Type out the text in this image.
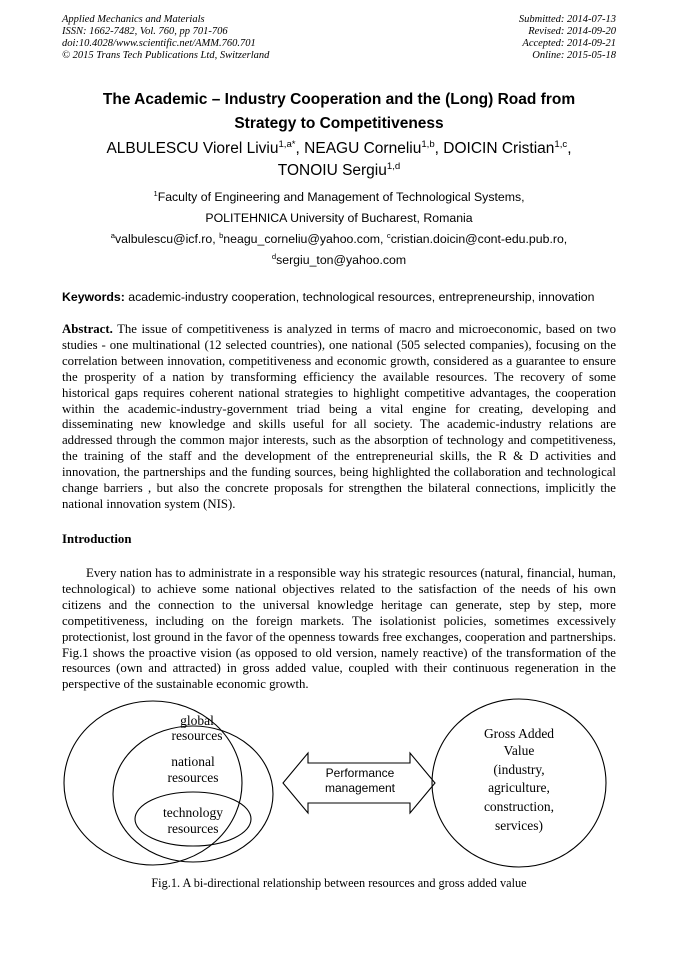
Applied Mechanics and Materials
ISSN: 1662-7482, Vol. 760, pp 701-706
doi:10.4028/www.scientific.net/AMM.760.701
© 2015 Trans Tech Publications Ltd, Switzerland
Submitted: 2014-07-13
Revised: 2014-09-20
Accepted: 2014-09-21
Online: 2015-05-18
The Academic – Industry Cooperation and the (Long) Road from
Strategy to Competitiveness
ALBULESCU Viorel Liviu$^{1,a*}$, NEAGU Corneliu$^{1,b}$, DOICIN Cristian$^{1,c}$,
TONOIU Sergiu$^{1,d}$
$^1$Faculty of Engineering and Management of Technological Systems,
POLITEHNICA University of Bucharest, Romania
$^a$valbulescu@icf.ro, $^b$neagu_corneliu@yahoo.com, $^c$cristian.doicin@cont-edu.pub.ro,
$^d$sergiu_ton@yahoo.com
Keywords: academic-industry cooperation, technological resources, entrepreneurship, innovation
Abstract. The issue of competitiveness is analyzed in terms of macro and microeconomic, based on two studies - one multinational (12 selected countries), one national (505 selected companies), focusing on the correlation between innovation, competitiveness and economic growth, considered as a guarantee to ensure the prosperity of a nation by transforming efficiency the available resources. The recovery of some historical gaps requires coherent national strategies to highlight competitive advantages, the cooperation within the academic-industry-government triad being a vital engine for creating, developing and disseminating new knowledge and skills useful for all society. The academic-industry relations are addressed through the common major interests, such as the absorption of technology and competitiveness, the training of the staff and the development of the entrepreneurial skills, the R & D activities and innovation, the partnerships and the funding sources, being highlighted the collaboration and technological change barriers , but also the concrete proposals for strengthen the bilateral connections, implicitly the national innovation system (NIS).
Introduction
Every nation has to administrate in a responsible way his strategic resources (natural, financial, human, technological) to achieve some national objectives related to the satisfaction of the needs of his own citizens and the connection to the universal knowledge heritage can generate, step by step, more competitiveness, including on the foreign markets. The isolationist policies, sometimes excessively protectionist, lost ground in the favor of the openness towards free exchanges, cooperation and partnerships. Fig.1 shows the proactive vision (as opposed to old version, namely reactive) of the transformation of the resources (own and attracted) in gross added value, coupled with their continuous regeneration in the perspective of the sustainable economic growth.
global
resources
national
resources
technology
resources
Gross Added
Value
(industry,
agriculture,
construction,
services)
Performance
management
Fig.1. A bi-directional relationship between resources and gross added value
